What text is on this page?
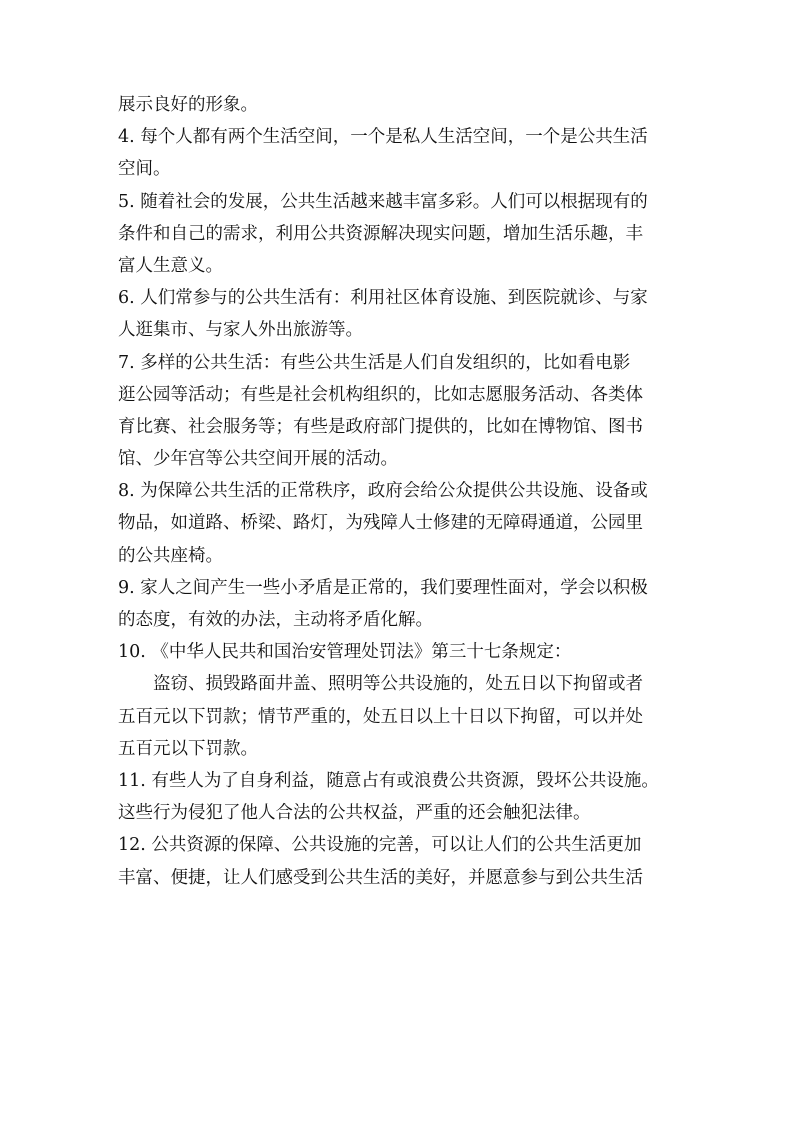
展示良好的形象。
4. 每个人都有两个生活空间，一个是私人生活空间，一个是公共生活
空间。
5. 随着社会的发展，公共生活越来越丰富多彩。人们可以根据现有的
条件和自己的需求，利用公共资源解决现实问题，增加生活乐趣，丰
富人生意义。
6. 人们常参与的公共生活有：利用社区体育设施、到医院就诊、与家
人逛集市、与家人外出旅游等。
7. 多样的公共生活：有些公共生活是人们自发组织的，比如看电影
逛公园等活动；有些是社会机构组织的，比如志愿服务活动、各类体
育比赛、社会服务等；有些是政府部门提供的，比如在博物馆、图书
馆、少年宫等公共空间开展的活动。
8. 为保障公共生活的正常秩序，政府会给公众提供公共设施、设备或
物品，如道路、桥梁、路灯，为残障人士修建的无障碍通道，公园里
的公共座椅。
9. 家人之间产生一些小矛盾是正常的，我们要理性面对，学会以积极
的态度，有效的办法，主动将矛盾化解。
10. 《中华人民共和国治安管理处罚法》第三十七条规定：
盗窃、损毁路面井盖、照明等公共设施的，处五日以下拘留或者
五百元以下罚款；情节严重的，处五日以上十日以下拘留，可以并处
五百元以下罚款。
11. 有些人为了自身利益，随意占有或浪费公共资源，毁坏公共设施。
这些行为侵犯了他人合法的公共权益，严重的还会触犯法律。
12. 公共资源的保障、公共设施的完善，可以让人们的公共生活更加
丰富、便捷，让人们感受到公共生活的美好，并愿意参与到公共生活
